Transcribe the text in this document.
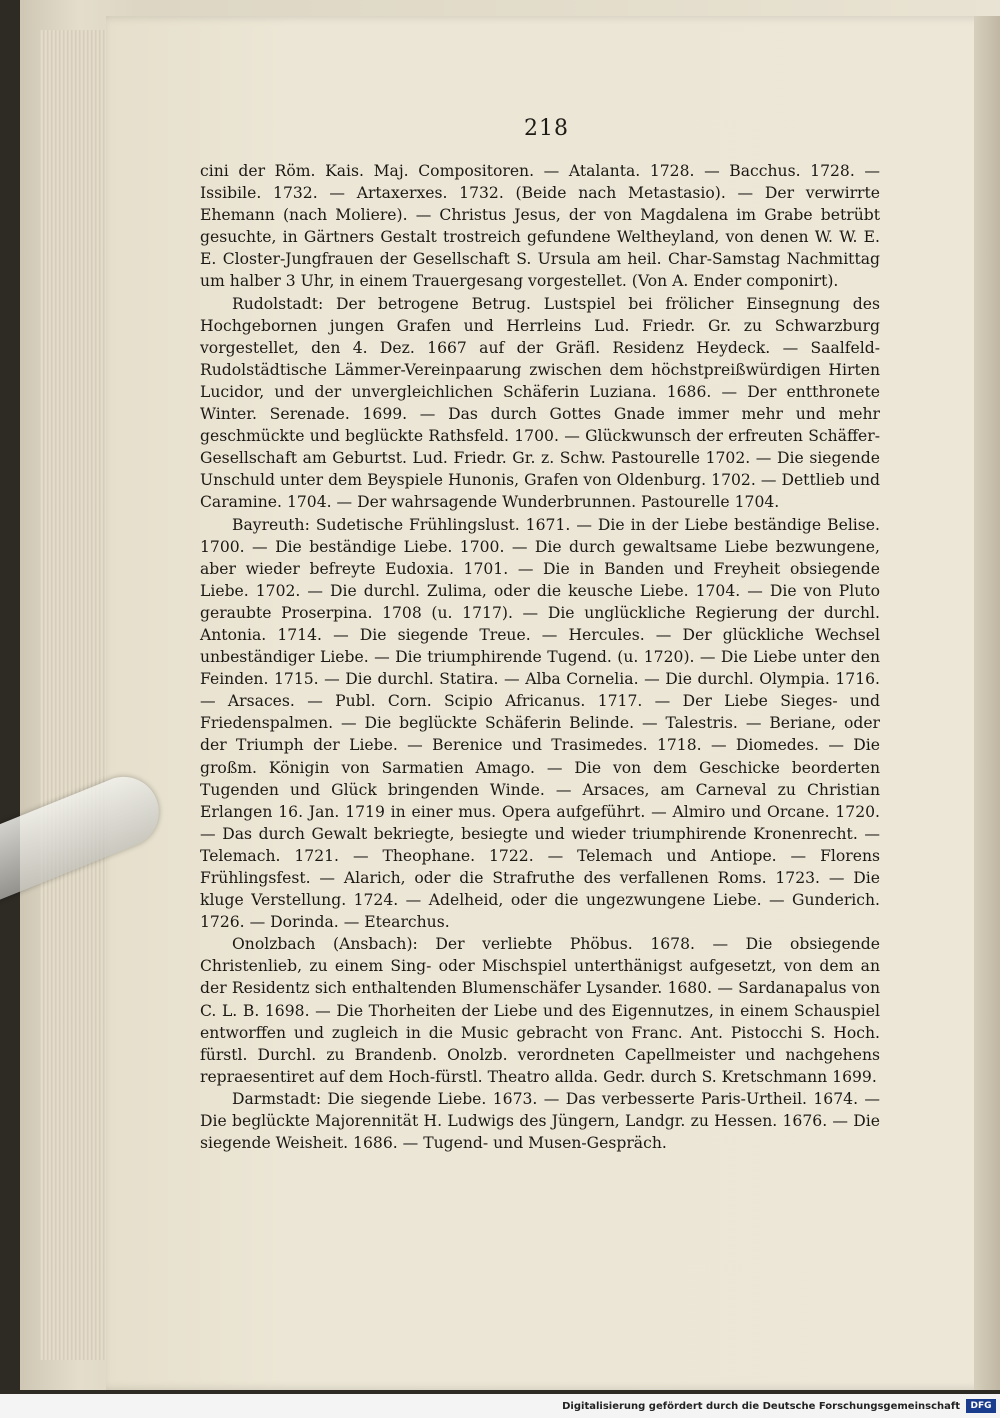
218

cini der Röm. Kais. Maj. Compositoren. — Atalanta. 1728. — Bacchus. 1728. — Issibile. 1732. — Artaxerxes. 1732. (Beide nach Metastasio). — Der verwirrte Ehemann (nach Moliere). — Christus Jesus, der von Magdalena im Grabe betrübt gesuchte, in Gärtners Gestalt trostreich gefundene Weltheyland, von denen W. W. E. E. Closter-Jungfrauen der Gesellschaft S. Ursula am heil. Char-Samstag Nachmittag um halber 3 Uhr, in einem Trauergesang vorgestellet. (Von A. Ender componirt).

Rudolstadt: Der betrogene Betrug. Lustspiel bei frölicher Einsegnung des Hochgebornen jungen Grafen und Herrleins Lud. Friedr. Gr. zu Schwarzburg vorgestellet, den 4. Dez. 1667 auf der Gräfl. Residenz Heydeck. — Saalfeld-Rudolstädtische Lämmer-Vereinpaarung zwischen dem höchstpreißwürdigen Hirten Lucidor, und der unvergleichlichen Schäferin Luziana. 1686. — Der entthronete Winter. Serenade. 1699. — Das durch Gottes Gnade immer mehr und mehr geschmückte und beglückte Rathsfeld. 1700. — Glückwunsch der erfreuten Schäffer-Gesellschaft am Geburtst. Lud. Friedr. Gr. z. Schw. Pastourelle 1702. — Die siegende Unschuld unter dem Beyspiele Hunonis, Grafen von Oldenburg. 1702. — Dettlieb und Caramine. 1704. — Der wahrsagende Wunderbrunnen. Pastourelle 1704.

Bayreuth: Sudetische Frühlingslust. 1671. — Die in der Liebe beständige Belise. 1700. — Die beständige Liebe. 1700. — Die durch gewaltsame Liebe bezwungene, aber wieder befreyte Eudoxia. 1701. — Die in Banden und Freyheit obsiegende Liebe. 1702. — Die durchl. Zulima, oder die keusche Liebe. 1704. — Die von Pluto geraubte Proserpina. 1708 (u. 1717). — Die unglückliche Regierung der durchl. Antonia. 1714. — Die siegende Treue. — Hercules. — Der glückliche Wechsel unbeständiger Liebe. — Die triumphirende Tugend. (u. 1720). — Die Liebe unter den Feinden. 1715. — Die durchl. Statira. — Alba Cornelia. — Die durchl. Olympia. 1716. — Arsaces. — Publ. Corn. Scipio Africanus. 1717. — Der Liebe Sieges- und Friedenspalmen. — Die beglückte Schäferin Belinde. — Talestris. — Beriane, oder der Triumph der Liebe. — Berenice und Trasimedes. 1718. — Diomedes. — Die großm. Königin von Sarmatien Amago. — Die von dem Geschicke beorderten Tugenden und Glück bringenden Winde. — Arsaces, am Carneval zu Christian Erlangen 16. Jan. 1719 in einer mus. Opera aufgeführt. — Almiro und Orcane. 1720. — Das durch Gewalt bekriegte, besiegte und wieder triumphirende Kronenrecht. — Telemach. 1721. — Theophane. 1722. — Telemach und Antiope. — Florens Frühlingsfest. — Alarich, oder die Strafruthe des verfallenen Roms. 1723. — Die kluge Verstellung. 1724. — Adelheid, oder die ungezwungene Liebe. — Gunderich. 1726. — Dorinda. — Etearchus.

Onolzbach (Ansbach): Der verliebte Phöbus. 1678. — Die obsiegende Christenlieb, zu einem Sing- oder Mischspiel unterthänigst aufgesetzt, von dem an der Residentz sich enthaltenden Blumenschäfer Lysander. 1680. — Sardanapalus von C. L. B. 1698. — Die Thorheiten der Liebe und des Eigennutzes, in einem Schauspiel entworffen und zugleich in die Music gebracht von Franc. Ant. Pistocchi S. Hoch. fürstl. Durchl. zu Brandenb. Onolzb. verordneten Capellmeister und nachgehens repraesentiret auf dem Hoch-fürstl. Theatro allda. Gedr. durch S. Kretschmann 1699.

Darmstadt: Die siegende Liebe. 1673. — Das verbesserte Paris-Urtheil. 1674. — Die beglückte Majorennität H. Ludwigs des Jüngern, Landgr. zu Hessen. 1676. — Die siegende Weisheit. 1686. — Tugend- und Musen-Gespräch.

Digitalisierung gefördert durch die Deutsche Forschungsgemeinschaft	DFG
